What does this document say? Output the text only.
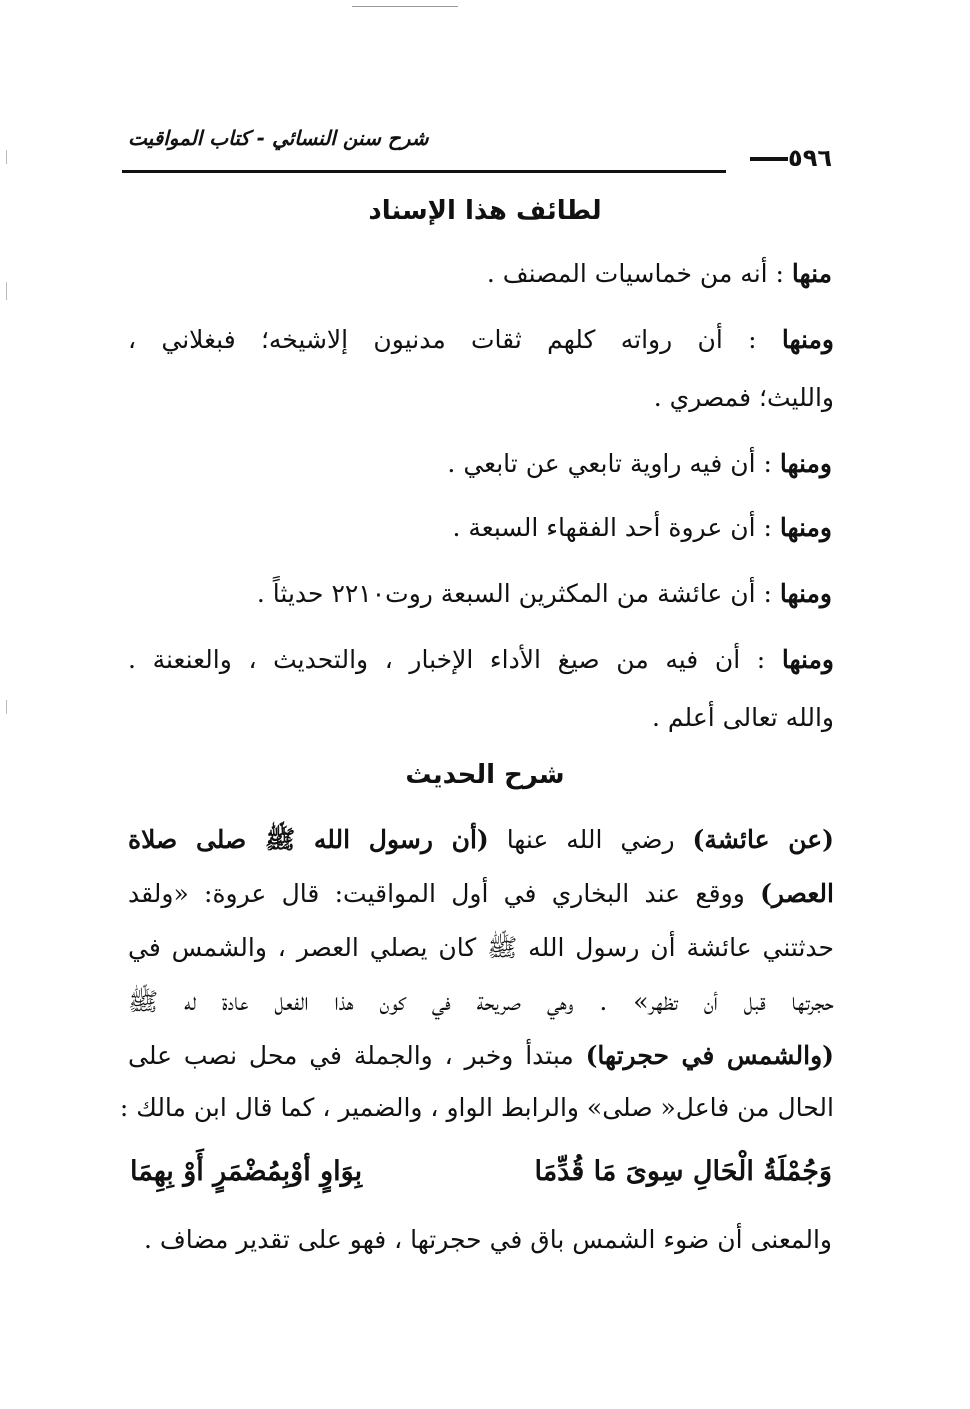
٥٩٦
شرح سنن النسائي - كتاب المواقيت
لطائف هذا الإسناد
منها : أنه من خماسيات المصنف .
ومنها : أن رواته كلهم ثقات مدنيون إلاشيخه؛ فبغلاني ،
والليث؛ فمصري .
ومنها : أن فيه راوية تابعي عن تابعي .
ومنها : أن عروة أحد الفقهاء السبعة .
ومنها : أن عائشة من المكثرين السبعة روت٢٢١٠ حديثاً .
ومنها : أن فيه من صيغ الأداء الإخبار ، والتحديث ، والعنعنة .
والله تعالى أعلم .
شرح الحديث
(عن عائشة) رضي الله عنها (أن رسول الله ﷺ صلى صلاة
العصر) ووقع عند البخاري في أول المواقيت: قال عروة: «ولقد
حدثتني عائشة أن رسول الله ﷺ كان يصلي العصر ، والشمس في
حجرتها قبل أن تظهر» . وهي صريحة في كون هذا الفعل عادة له ﷺ
(والشمس في حجرتها) مبتدأ وخبر ، والجملة في محل نصب على
الحال من فاعل« صلى» والرابط الواو ، والضمير ، كما قال ابن مالك :
وَجُمْلَةُ الْحَالِ سِوىَ مَا قُدِّمَا
بِوَاوٍ أوْبِمُضْمَرٍ أَوْ بِهِمَا
والمعنى أن ضوء الشمس باق في حجرتها ، فهو على تقدير مضاف .
